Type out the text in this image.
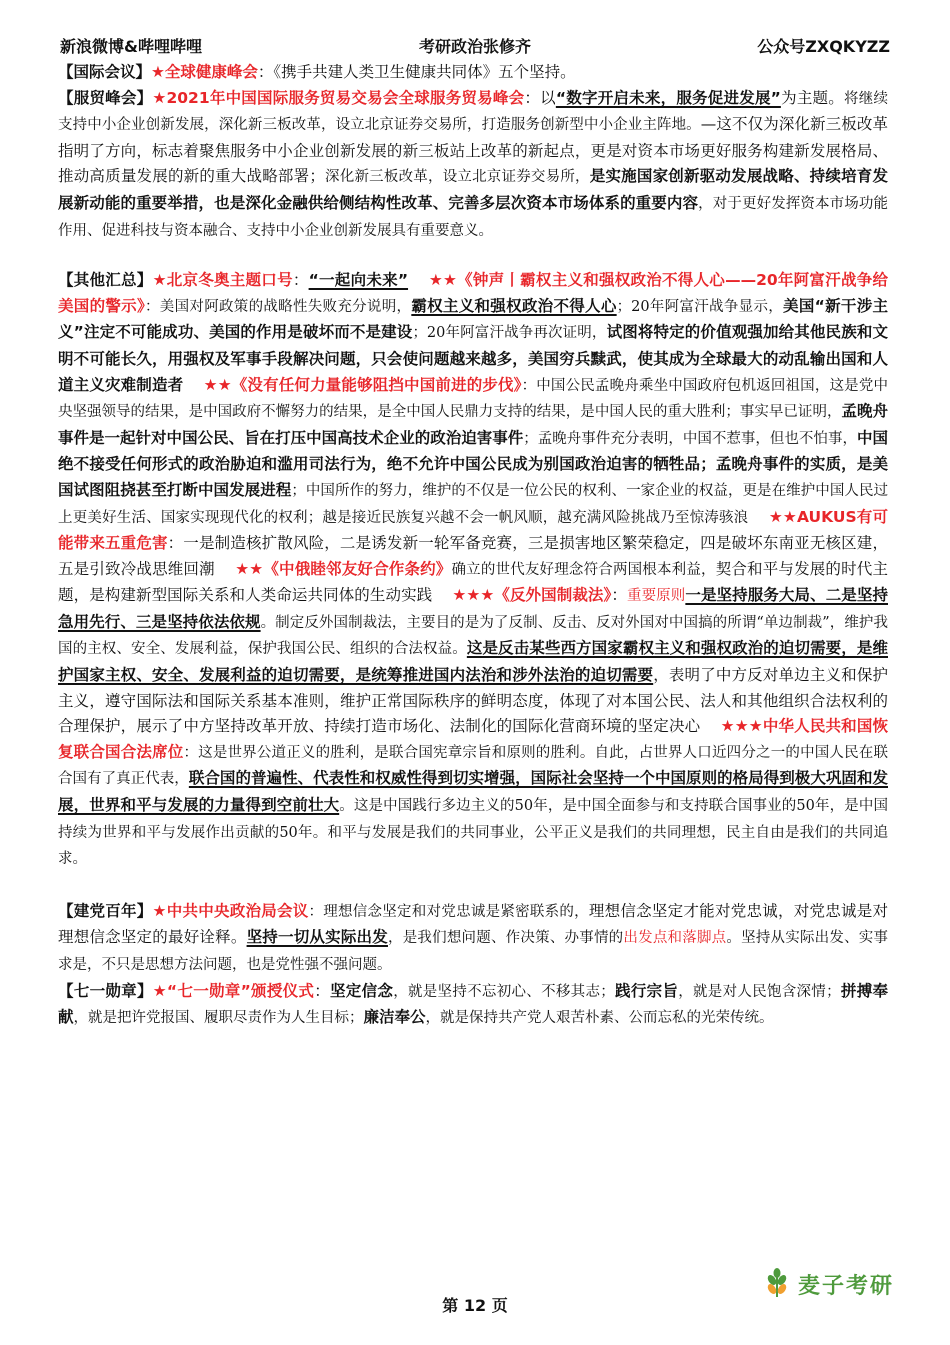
新浪微博&哔哩哔哩	考研政治张修齐	公众号ZXQKYZZ

【国际会议】★全球健康峰会：《携手共建人类卫生健康共同体》五个坚持。

【服贸峰会】★2021年中国国际服务贸易交易会全球服务贸易峰会：以“数字开启未来，服务促进发展”为主题。将继续支持中小企业创新发展，深化新三板改革，设立北京证券交易所，打造服务创新型中小企业主阵地。—这不仅为深化新三板改革指明了方向，标志着聚焦服务中小企业创新发展的新三板站上改革的新起点，更是对资本市场更好服务构建新发展格局、推动高质量发展的新的重大战略部署；深化新三板改革，设立北京证券交易所，是实施国家创新驱动发展战略、持续培育发展新动能的重要举措，也是深化金融供给侧结构性改革、完善多层次资本市场体系的重要内容，对于更好发挥资本市场功能作用、促进科技与资本融合、支持中小企业创新发展具有重要意义。

【其他汇总】★北京冬奥主题口号：“一起向未来” ★★《钟声丨霸权主义和强权政治不得人心——20年阿富汗战争给美国的警示》：美国对阿政策的战略性失败充分说明，霸权主义和强权政治不得人心；20年阿富汗战争显示，美国“新干涉主义”注定不可能成功、美国的作用是破坏而不是建设；20年阿富汗战争再次证明，试图将特定的价值观强加给其他民族和文明不可能长久，用强权及军事手段解决问题，只会使问题越来越多，美国穷兵黩武，使其成为全球最大的动乱输出国和人道主义灾难制造者 ★★《没有任何力量能够阻挡中国前进的步伐》：中国公民孟晚舟乘坐中国政府包机返回祖国，这是党中央坚强领导的结果，是中国政府不懈努力的结果，是全中国人民鼎力支持的结果，是中国人民的重大胜利；事实早已证明，孟晚舟事件是一起针对中国公民、旨在打压中国高技术企业的政治迫害事件；孟晚舟事件充分表明，中国不惹事，但也不怕事，中国绝不接受任何形式的政治胁迫和滥用司法行为，绝不允许中国公民成为别国政治迫害的牺牲品；孟晚舟事件的实质，是美国试图阻挠甚至打断中国发展进程；中国所作的努力，维护的不仅是一位公民的权利、一家企业的权益，更是在维护中国人民过上更美好生活、国家实现现代化的权利；越是接近民族复兴越不会一帆风顺，越充满风险挑战乃至惊涛骇浪 ★★AUKUS有可能带来五重危害：一是制造核扩散风险，二是诱发新一轮军备竞赛，三是损害地区繁荣稳定，四是破坏东南亚无核区建，五是引致冷战思维回潮 ★★《中俄睦邻友好合作条约》确立的世代友好理念符合两国根本利益，契合和平与发展的时代主题，是构建新型国际关系和人类命运共同体的生动实践 ★★★《反外国制裁法》：重要原则一是坚持服务大局、二是坚持急用先行、三是坚持依法依规。制定反外国制裁法，主要目的是为了反制、反击、反对外国对中国搞的所谓“单边制裁”，维护我国的主权、安全、发展利益，保护我国公民、组织的合法权益。这是反击某些西方国家霸权主义和强权政治的迫切需要，是维护国家主权、安全、发展利益的迫切需要，是统筹推进国内法治和涉外法治的迫切需要，表明了中方反对单边主义和保护主义，遵守国际法和国际关系基本准则，维护正常国际秩序的鲜明态度，体现了对本国公民、法人和其他组织合法权利的合理保护，展示了中方坚持改革开放、持续打造市场化、法制化的国际化营商环境的坚定决心 ★★★中华人民共和国恢复联合国合法席位：这是世界公道正义的胜利，是联合国宪章宗旨和原则的胜利。自此，占世界人口近四分之一的中国人民在联合国有了真正代表，联合国的普遍性、代表性和权威性得到切实增强，国际社会坚持一个中国原则的格局得到极大巩固和发展，世界和平与发展的力量得到空前壮大。这是中国践行多边主义的50年，是中国全面参与和支持联合国事业的50年，是中国持续为世界和平与发展作出贡献的50年。和平与发展是我们的共同事业，公平正义是我们的共同理想，民主自由是我们的共同追求。

【建党百年】★中共中央政治局会议：理想信念坚定和对党忠诚是紧密联系的，理想信念坚定才能对党忠诚，对党忠诚是对理想信念坚定的最好诠释。坚持一切从实际出发，是我们想问题、作决策、办事情的出发点和落脚点。坚持从实际出发、实事求是，不只是思想方法问题，也是党性强不强问题。

【七一勋章】★“七一勋章”颁授仪式：坚定信念，就是坚持不忘初心、不移其志；践行宗旨，就是对人民饱含深情；拼搏奉献，就是把许党报国、履职尽责作为人生目标；廉洁奉公，就是保持共产党人艰苦朴素、公而忘私的光荣传统。

麦子考研
第 12 页
